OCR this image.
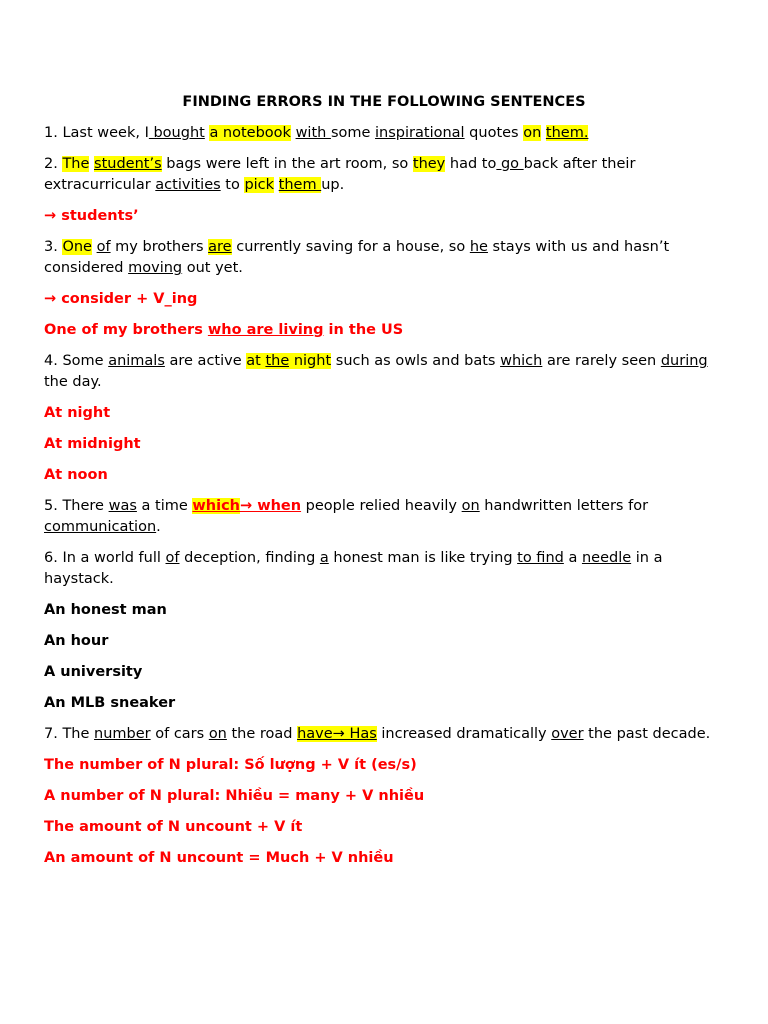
FINDING ERRORS IN THE FOLLOWING SENTENCES

1. Last week, I bought a notebook with some inspirational quotes on them.

2. The student’s bags were left in the art room, so they had to go back after their extracurricular activities to pick them up.

→ students’

3. One of my brothers are currently saving for a house, so he stays with us and hasn’t considered moving out yet.

→ consider + V_ing

One of my brothers who are living in the US

4. Some animals are active at the night such as owls and bats which are rarely seen during the day.

At night

At midnight

At noon

5. There was a time which→ when people relied heavily on handwritten letters for communication.

6. In a world full of deception, finding a honest man is like trying to find a needle in a haystack.

An honest man

An hour

A university

An MLB sneaker

7. The number of cars on the road have→ Has increased dramatically over the past decade.

The number of N plural: Số lượng + V ít (es/s)

A number of N plural: Nhiều = many + V nhiều

The amount of N uncount + V ít

An amount of N uncount = Much + V nhiều
